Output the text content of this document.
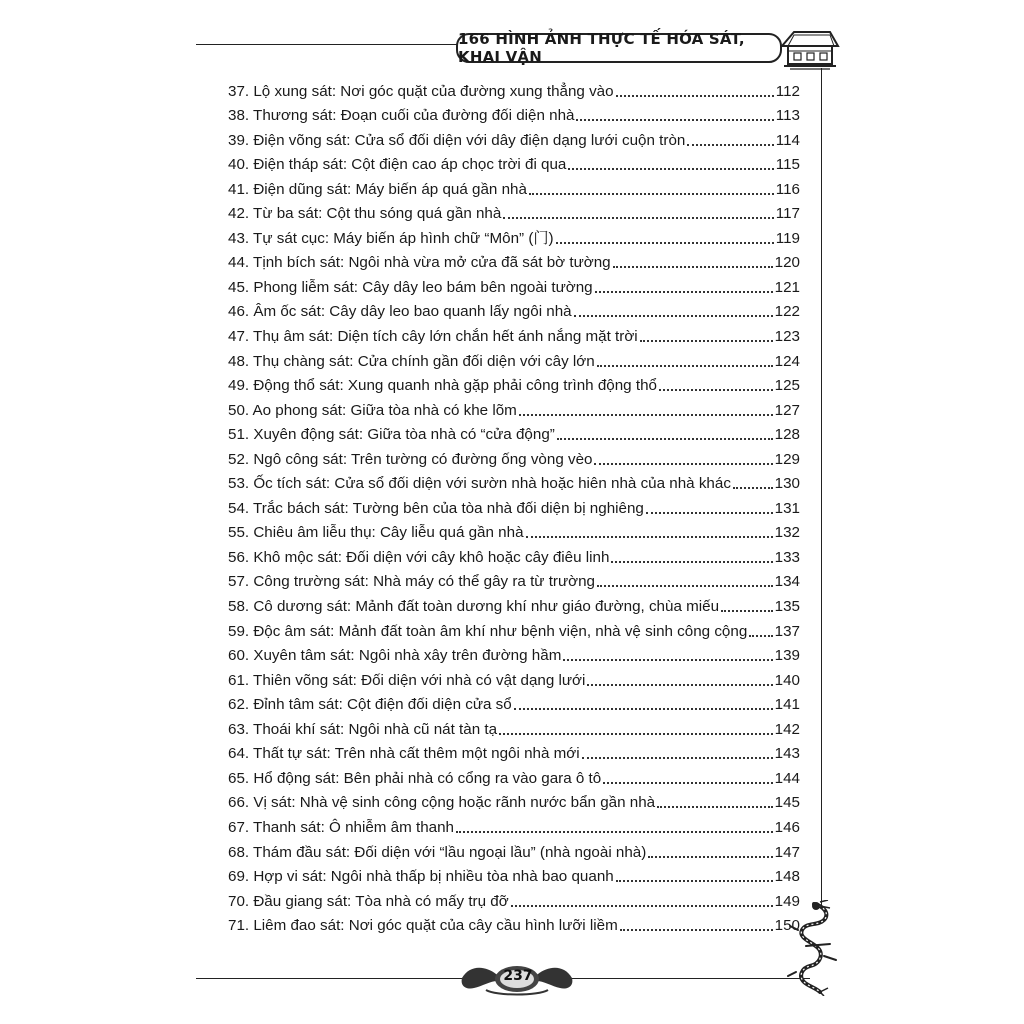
166 HÌNH ẢNH THỰC TẾ HÓA SÁT, KHAI VẬN
37. Lộ xung sát: Nơi góc quặt của đường xung thẳng vào	112
38. Thương sát: Đoạn cuối của đường đối diện nhà	113
39. Điện võng sát: Cửa sổ đối diện với dây điện dạng lưới cuộn tròn	114
40. Điện tháp sát: Cột điện cao áp chọc trời đi qua	115
41. Điện dũng sát: Máy biến áp quá gần nhà	116
42. Từ ba sát: Cột thu sóng quá gần nhà	117
43. Tự sát cục: Máy biến áp hình chữ “Môn” (门)	119
44. Tịnh bích sát: Ngôi nhà vừa mở cửa đã sát bờ tường	120
45. Phong liễm sát: Cây dây leo bám bên ngoài tường	121
46. Âm ốc sát: Cây dây leo bao quanh lấy ngôi nhà	122
47. Thụ âm sát: Diện tích cây lớn chắn hết ánh nắng mặt trời	123
48. Thụ chàng sát: Cửa chính gần đối diện với cây lớn	124
49. Động thổ sát: Xung quanh nhà gặp phải công trình động thổ	125
50. Ao phong sát: Giữa tòa nhà có khe lõm	127
51. Xuyên động sát: Giữa tòa nhà có “cửa động”	128
52. Ngô công sát: Trên tường có đường ống vòng vèo	129
53. Ốc tích sát: Cửa sổ đối diện với sườn nhà hoặc hiên nhà của nhà khác	130
54. Trắc bách sát: Tường bên của tòa nhà đối diện bị nghiêng	131
55. Chiêu âm liễu thụ: Cây liễu quá gần nhà	132
56. Khô mộc sát: Đối diện với cây khô hoặc cây điêu linh	133
57. Công trường sát: Nhà máy có thể gây ra từ trường	134
58. Cô dương sát: Mảnh đất toàn dương khí như giáo đường, chùa miếu	135
59. Độc âm sát: Mảnh đất toàn âm khí như bệnh viện, nhà vệ sinh công cộng 137
60. Xuyên tâm sát: Ngôi nhà xây trên đường hầm	139
61. Thiên võng sát: Đối diện với nhà có vật dạng lưới	140
62. Đỉnh tâm sát: Cột điện đối diện cửa sổ	141
63. Thoái khí sát: Ngôi nhà cũ nát tàn tạ	142
64. Thất tự sát: Trên nhà cất thêm một ngôi nhà mới	143
65. Hổ động sát: Bên phải nhà có cổng ra vào gara ô tô	144
66. Vị sát: Nhà vệ sinh công cộng hoặc rãnh nước bẩn gần nhà	145
67. Thanh sát: Ô nhiễm âm thanh	146
68. Thám đầu sát: Đối diện với “lầu ngoại lầu” (nhà ngoài nhà)	147
69. Hợp vi sát: Ngôi nhà thấp bị nhiều tòa nhà bao quanh	148
70. Đầu giang sát: Tòa nhà có mấy trụ đỡ	149
71. Liêm đao sát: Nơi góc quặt của cây cầu hình lưỡi liềm	150
237
